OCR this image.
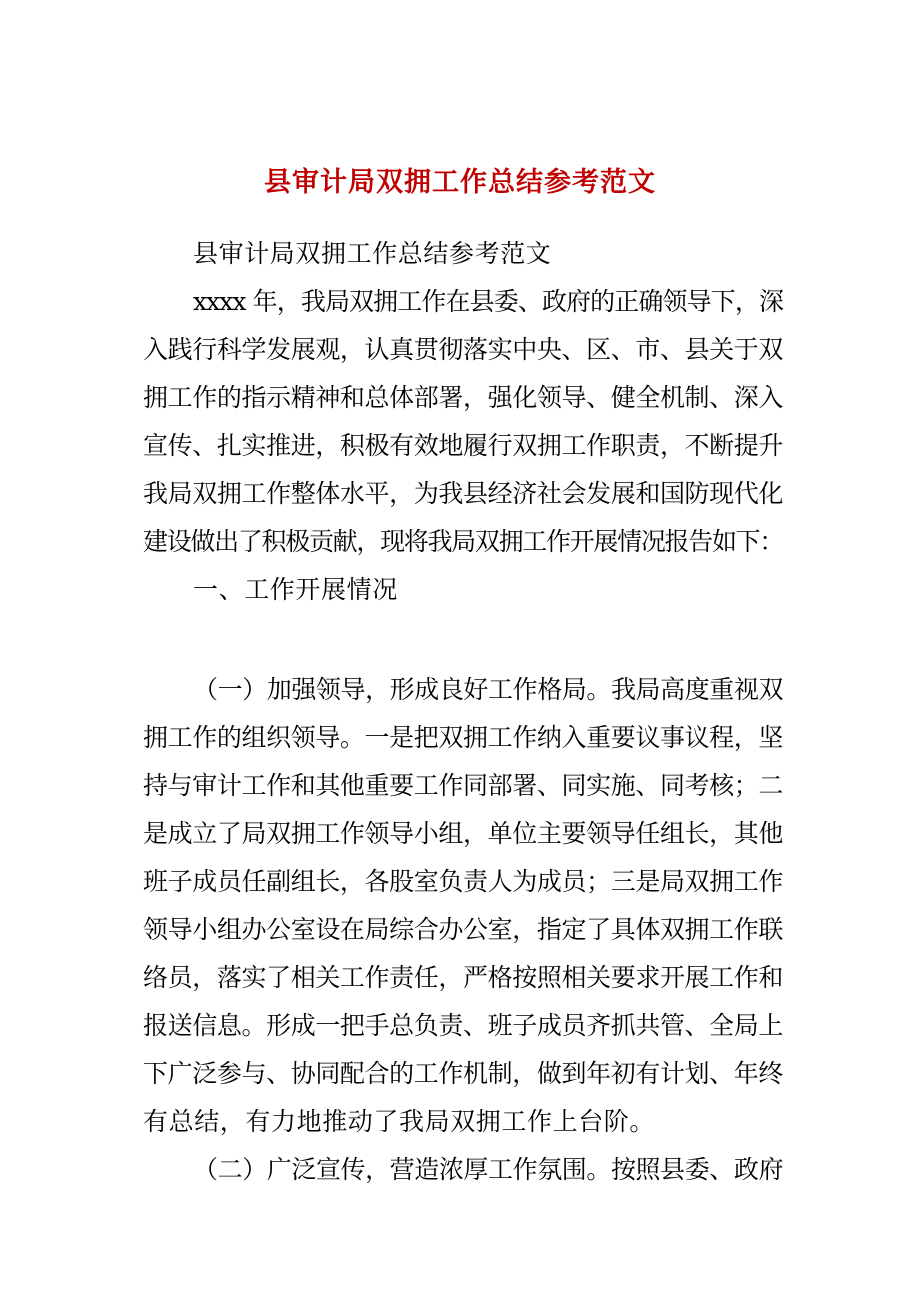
县审计局双拥工作总结参考范文
县审计局双拥工作总结参考范文
xxxx 年，我局双拥工作在县委、政府的正确领导下，深
入践行科学发展观，认真贯彻落实中央、区、市、县关于双
拥工作的指示精神和总体部署，强化领导、健全机制、深入
宣传、扎实推进，积极有效地履行双拥工作职责，不断提升
我局双拥工作整体水平，为我县经济社会发展和国防现代化
建设做出了积极贡献，现将我局双拥工作开展情况报告如下：
一、工作开展情况
（一）加强领导，形成良好工作格局。我局高度重视双
拥工作的组织领导。一是把双拥工作纳入重要议事议程，坚
持与审计工作和其他重要工作同部署、同实施、同考核；二
是成立了局双拥工作领导小组，单位主要领导任组长，其他
班子成员任副组长，各股室负责人为成员；三是局双拥工作
领导小组办公室设在局综合办公室，指定了具体双拥工作联
络员，落实了相关工作责任，严格按照相关要求开展工作和
报送信息。形成一把手总负责、班子成员齐抓共管、全局上
下广泛参与、协同配合的工作机制，做到年初有计划、年终
有总结，有力地推动了我局双拥工作上台阶。
（二）广泛宣传，营造浓厚工作氛围。按照县委、政府
